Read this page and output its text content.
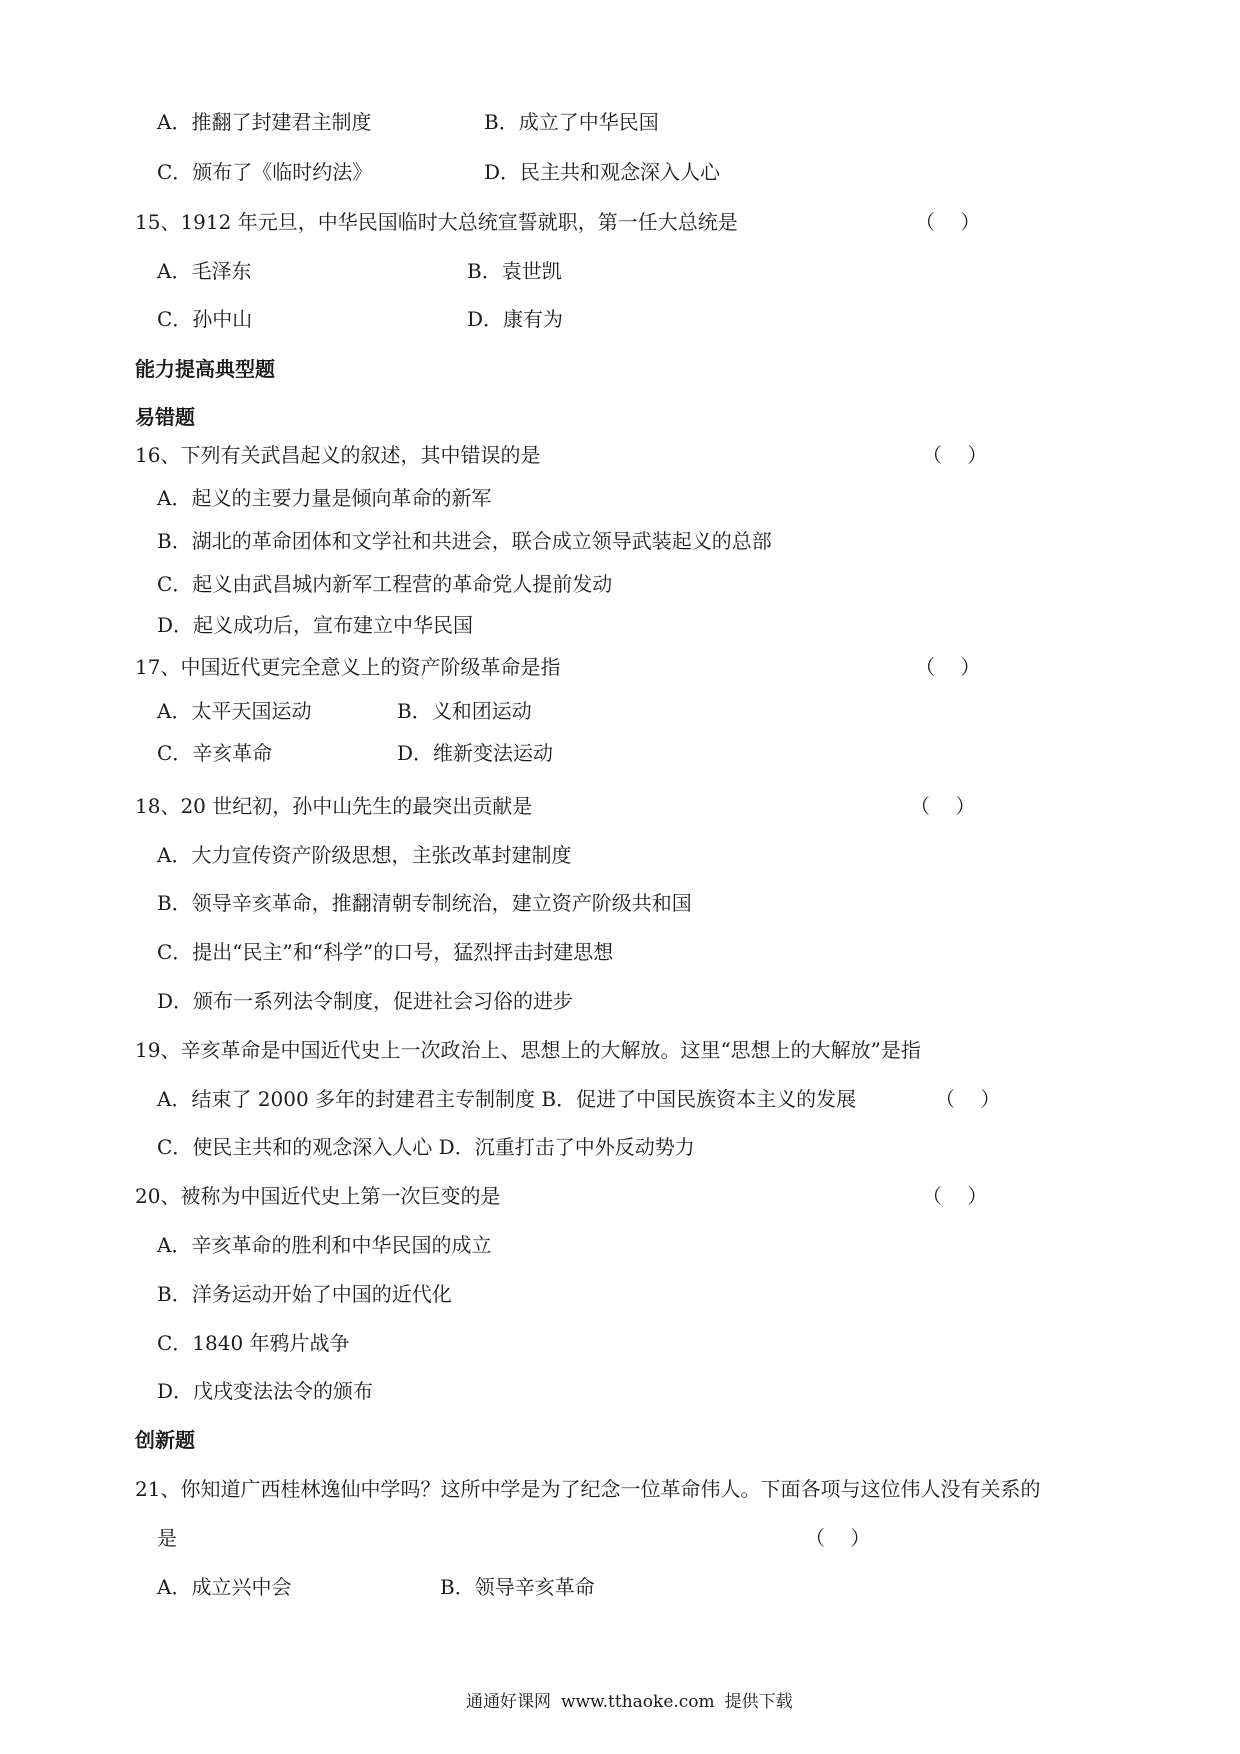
A．推翻了封建君主制度	B．成立了中华民国
C．颁布了《临时约法》	D．民主共和观念深入人心
15、1912 年元旦，中华民国临时大总统宣誓就职，第一任大总统是	（    ）
A．毛泽东	B．袁世凯
C．孙中山	D．康有为
能力提高典型题
易错题
16、下列有关武昌起义的叙述，其中错误的是	（    ）
A．起义的主要力量是倾向革命的新军
B．湖北的革命团体和文学社和共进会，联合成立领导武装起义的总部
C．起义由武昌城内新军工程营的革命党人提前发动
D．起义成功后，宣布建立中华民国
17、中国近代更完全意义上的资产阶级革命是指	（    ）
A．太平天国运动	B．义和团运动
C．辛亥革命	D．维新变法运动
18、20 世纪初，孙中山先生的最突出贡献是	（    ）
A．大力宣传资产阶级思想，主张改革封建制度
B．领导辛亥革命，推翻清朝专制统治，建立资产阶级共和国
C．提出“民主”和“科学”的口号，猛烈抨击封建思想
D．颁布一系列法令制度，促进社会习俗的进步
19、辛亥革命是中国近代史上一次政治上、思想上的大解放。这里“思想上的大解放”是指
A．结束了 2000 多年的封建君主专制制度 B．促进了中国民族资本主义的发展	（    ）
C．使民主共和的观念深入人心 D．沉重打击了中外反动势力
20、被称为中国近代史上第一次巨变的是	（    ）
A．辛亥革命的胜利和中华民国的成立
B．洋务运动开始了中国的近代化
C．1840 年鸦片战争
D．戊戌变法法令的颁布
创新题
21、你知道广西桂林逸仙中学吗？这所中学是为了纪念一位革命伟人。下面各项与这位伟人没有关系的
是	（    ）
A．成立兴中会	B．领导辛亥革命
通通好课网 www.tthaoke.com 提供下载
